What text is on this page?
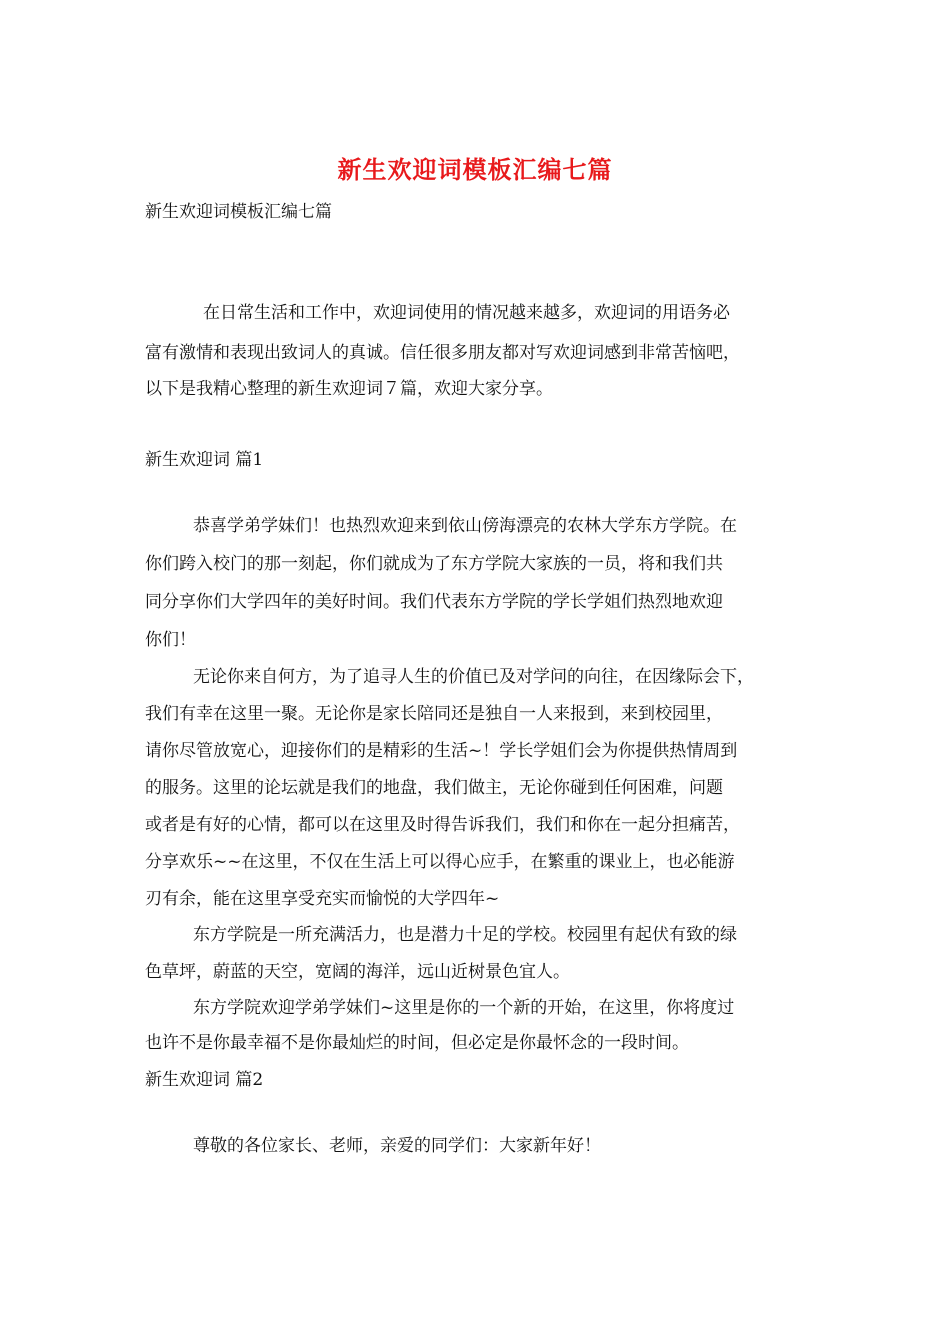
新生欢迎词模板汇编七篇
新生欢迎词模板汇编七篇
在日常生活和工作中，欢迎词使用的情况越来越多，欢迎词的用语务必
富有激情和表现出致词人的真诚。信任很多朋友都对写欢迎词感到非常苦恼吧，
以下是我精心整理的新生欢迎词７篇，欢迎大家分享。
新生欢迎词 篇1
恭喜学弟学妹们！也热烈欢迎来到依山傍海漂亮的农林大学东方学院。在
你们跨入校门的那一刻起，你们就成为了东方学院大家族的一员，将和我们共
同分享你们大学四年的美好时间。我们代表东方学院的学长学姐们热烈地欢迎
你们！
无论你来自何方，为了追寻人生的价值已及对学问的向往，在因缘际会下，
我们有幸在这里一聚。无论你是家长陪同还是独自一人来报到，来到校园里，
请你尽管放宽心，迎接你们的是精彩的生活~！学长学姐们会为你提供热情周到
的服务。这里的论坛就是我们的地盘，我们做主，无论你碰到任何困难，问题
或者是有好的心情，都可以在这里及时得告诉我们，我们和你在一起分担痛苦，
分享欢乐~~在这里，不仅在生活上可以得心应手，在繁重的课业上，也必能游
刃有余，能在这里享受充实而愉悦的大学四年~
东方学院是一所充满活力，也是潜力十足的学校。校园里有起伏有致的绿
色草坪，蔚蓝的天空，宽阔的海洋，远山近树景色宜人。
东方学院欢迎学弟学妹们~这里是你的一个新的开始，在这里，你将度过
也许不是你最幸福不是你最灿烂的时间，但必定是你最怀念的一段时间。
新生欢迎词 篇2
尊敬的各位家长、老师，亲爱的同学们：大家新年好！
